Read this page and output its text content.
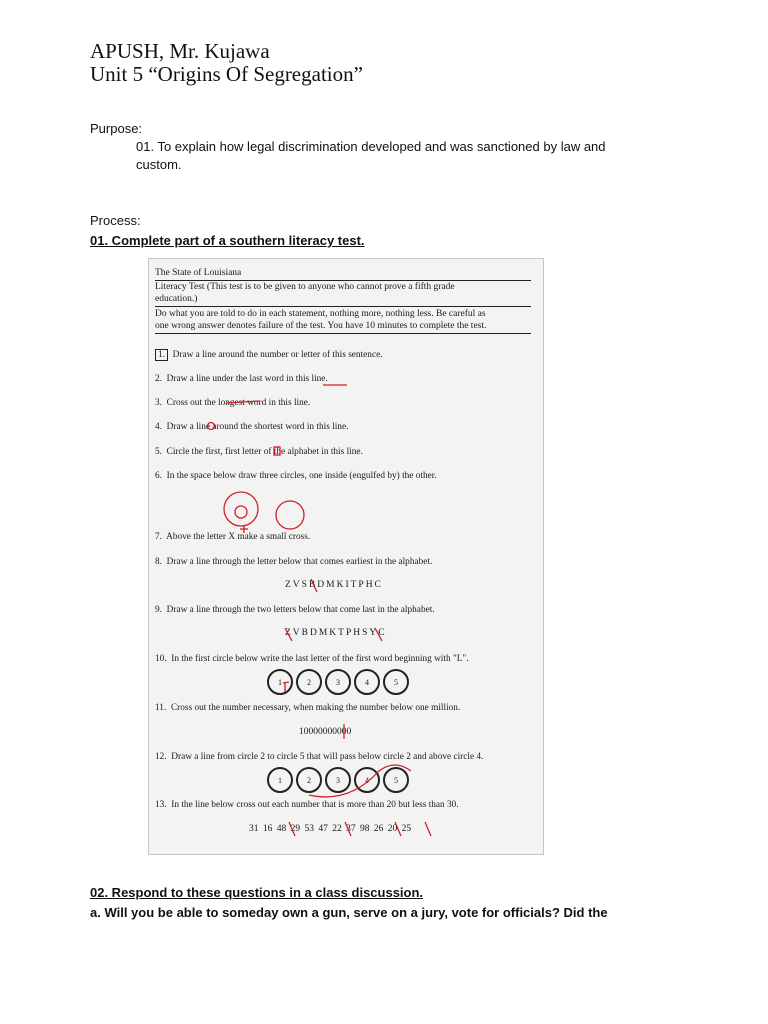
APUSH, Mr. Kujawa
Unit 5 “Origins Of Segregation”
Purpose:
01. To explain how legal discrimination developed and was sanctioned by law and custom.
Process:
01. Complete part of a southern literacy test.
The State of Louisiana
Literacy Test (This test is to be given to anyone who cannot prove a fifth grade
education.)
Do what you are told to do in each statement, nothing more, nothing less. Be careful as
one wrong answer denotes failure of the test. You have 10 minutes to complete the test.
1. Draw a line around the number or letter of this sentence.
2. Draw a line under the last word in this line.
3. Cross out the longest word in this line.
4. Draw a line around the shortest word in this line.
5. Circle the first, first letter of the alphabet in this line.
6. In the space below draw three circles, one inside (engulfed by) the other.
7. Above the letter X make a small cross.
8. Draw a line through the letter below that comes earliest in the alphabet.
ZVSBDMKITPHC
9. Draw a line through the two letters below that come last in the alphabet.
ZVBDMKTPHSYC
10. In the first circle below write the last letter of the first word beginning with "L".
1	2	3	4	5
11. Cross out the number necessary, when making the number below one million.
10000000000
12. Draw a line from circle 2 to circle 5 that will pass below circle 2 and above circle 4.
1	2	3	4	5
13. In the line below cross out each number that is more than 20 but less than 30.
31 16 48 29 53 47 22 37 98 26 20 25
02. Respond to these questions in a class discussion.
a. Will you be able to someday own a gun, serve on a jury, vote for officials? Did the
